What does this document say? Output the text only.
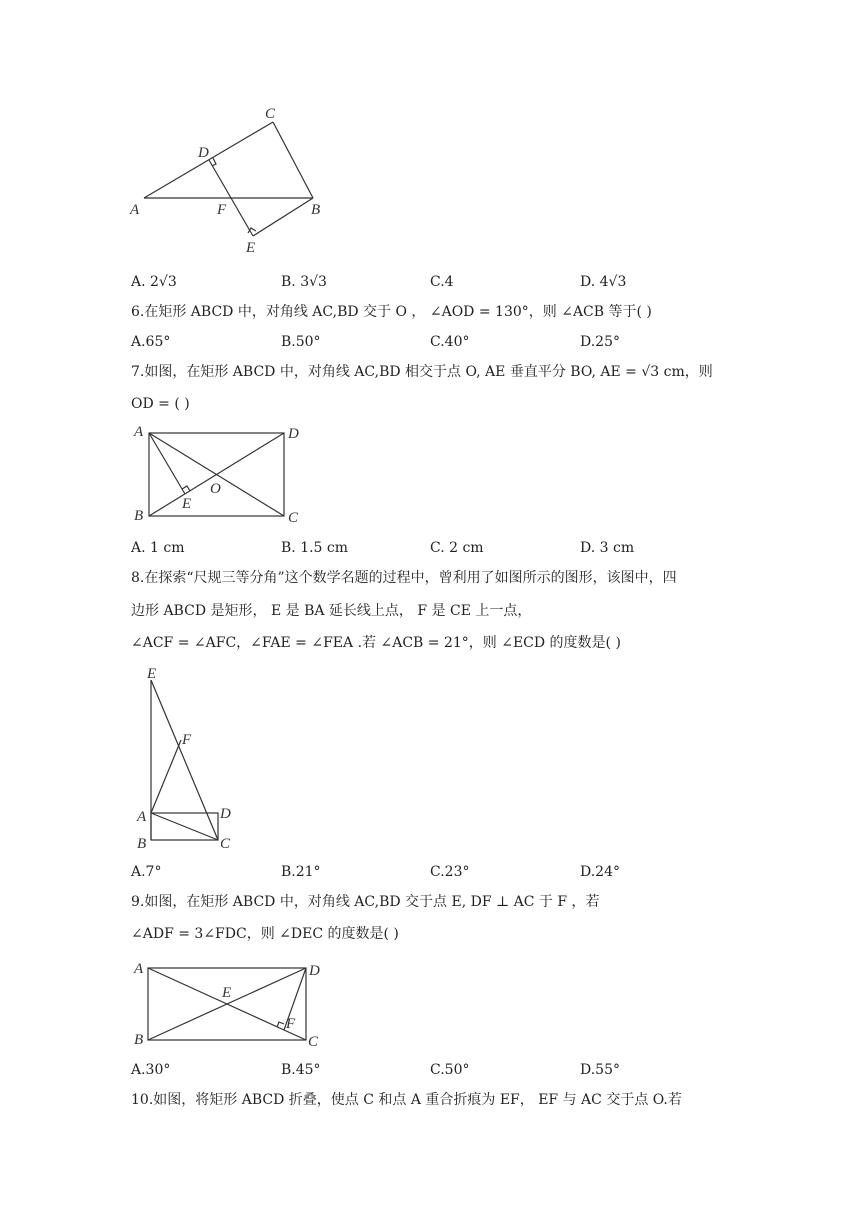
A
C
D
F	B
E
A. 2√3	B. 3√3	C.4	D. 4√3
6.在矩形 ABCD 中，对角线 AC,BD 交于 O ， ∠AOD = 130°，则 ∠ACB 等于( )
A.65°	B.50°	C.40°	D.25°
7.如图，在矩形 ABCD 中，对角线 AC,BD 相交于点 O, AE 垂直平分 BO, AE = √3 cm，则
OD = ( )
A	D
O
E
B	C
A. 1 cm	B. 1.5 cm	C. 2 cm	D. 3 cm
8.在探索“尺规三等分角”这个数学名题的过程中，曾利用了如图所示的图形，该图中，四
边形 ABCD 是矩形， E 是 BA 延长线上点， F 是 CE 上一点，
∠ACF = ∠AFC，∠FAE = ∠FEA .若 ∠ACB = 21°，则 ∠ECD 的度数是( )
E
F
A	D
B	C
A.7°	B.21°	C.23°	D.24°
9.如图，在矩形 ABCD 中，对角线 AC,BD 交于点 E, DF ⊥ AC 于 F ，若
∠ADF = 3∠FDC，则 ∠DEC 的度数是( )
A	D
E
F
B	C
A.30°	B.45°	C.50°	D.55°
10.如图，将矩形 ABCD 折叠，使点 C 和点 A 重合折痕为 EF， EF 与 AC 交于点 O.若
